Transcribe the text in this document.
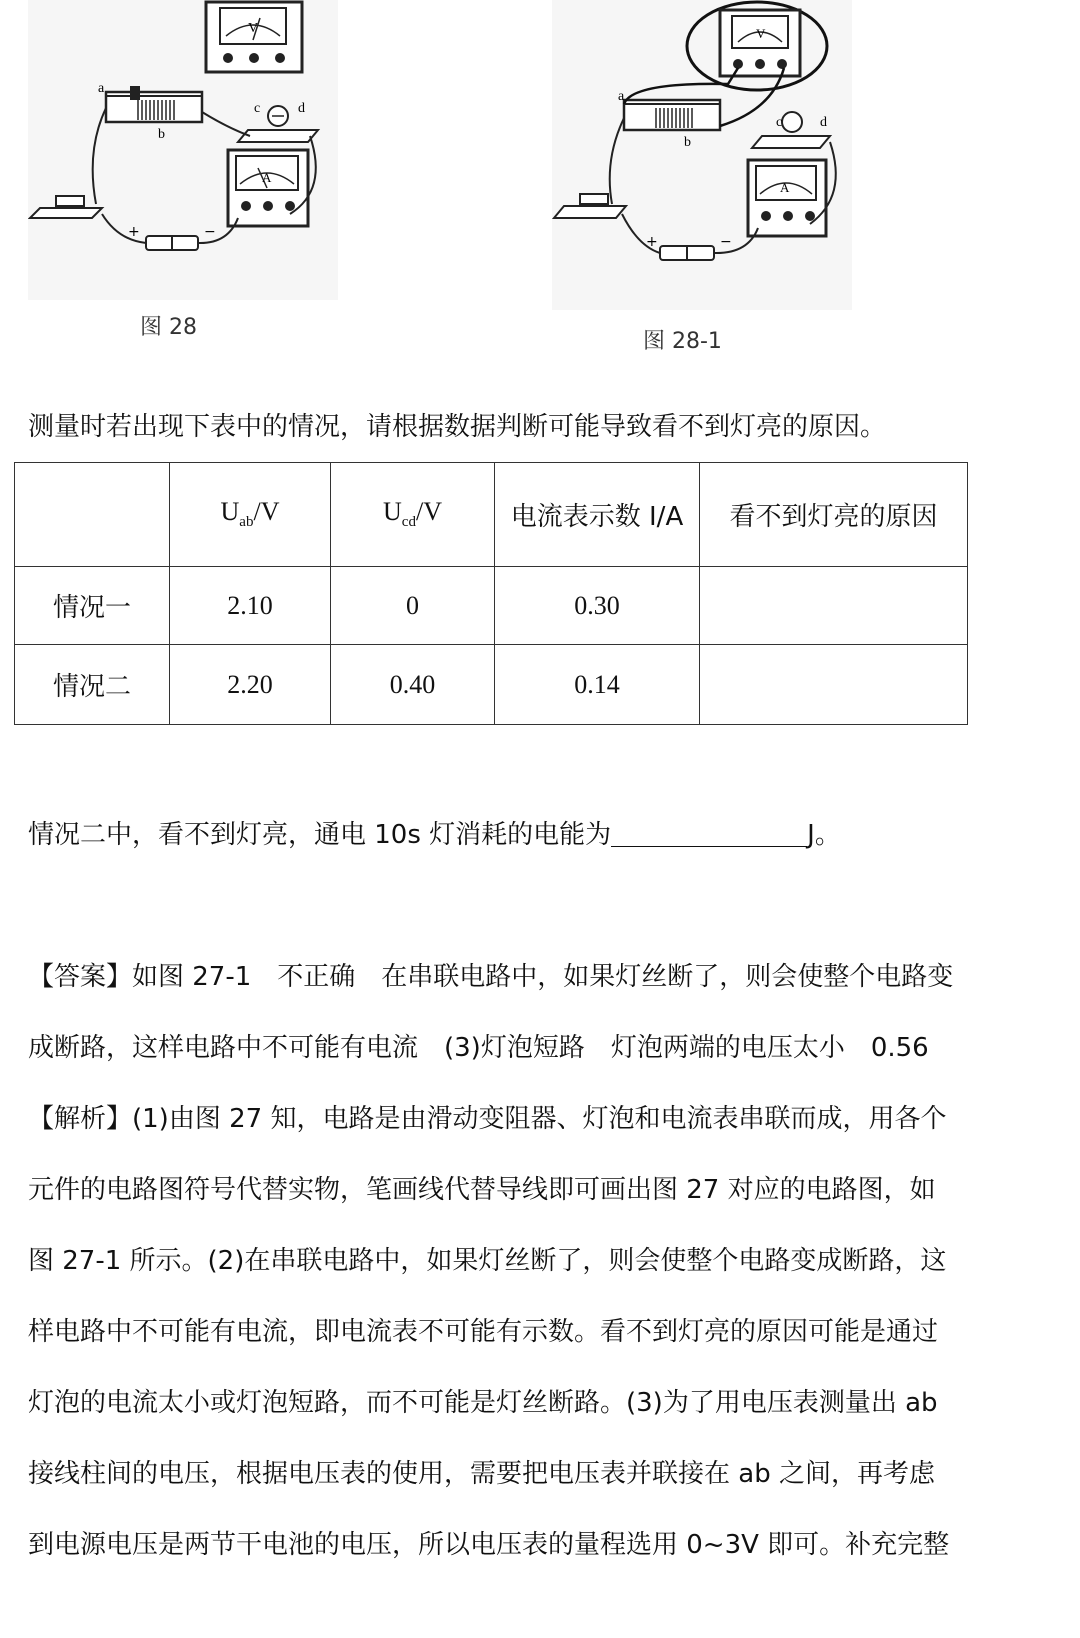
V
a
b
c	d
A
+	−
图 28
V
a
b
c	d
A
+	−
图 28-1
测量时若出现下表中的情况，请根据数据判断可能导致看不到灯亮的原因。
	$U_{ab}/V$	$U_{cd}/V$	电流表示数 I/A	看不到灯亮的原因
情况一	2.10	0	0.30	
情况二	2.20	0.40	0.14	
情况二中，看不到灯亮，通电 10s 灯消耗的电能为	J。
【答案】如图 27-1　不正确　在串联电路中，如果灯丝断了，则会使整个电路变
成断路，这样电路中不可能有电流　(3)灯泡短路　灯泡两端的电压太小　0.56
【解析】(1)由图 27 知，电路是由滑动变阻器、灯泡和电流表串联而成，用各个
元件的电路图符号代替实物，笔画线代替导线即可画出图 27 对应的电路图，如
图 27-1 所示。(2)在串联电路中，如果灯丝断了，则会使整个电路变成断路，这
样电路中不可能有电流，即电流表不可能有示数。看不到灯亮的原因可能是通过
灯泡的电流太小或灯泡短路，而不可能是灯丝断路。(3)为了用电压表测量出 ab
接线柱间的电压，根据电压表的使用，需要把电压表并联接在 ab 之间，再考虑
到电源电压是两节干电池的电压，所以电压表的量程选用 0~3V 即可。补充完整
